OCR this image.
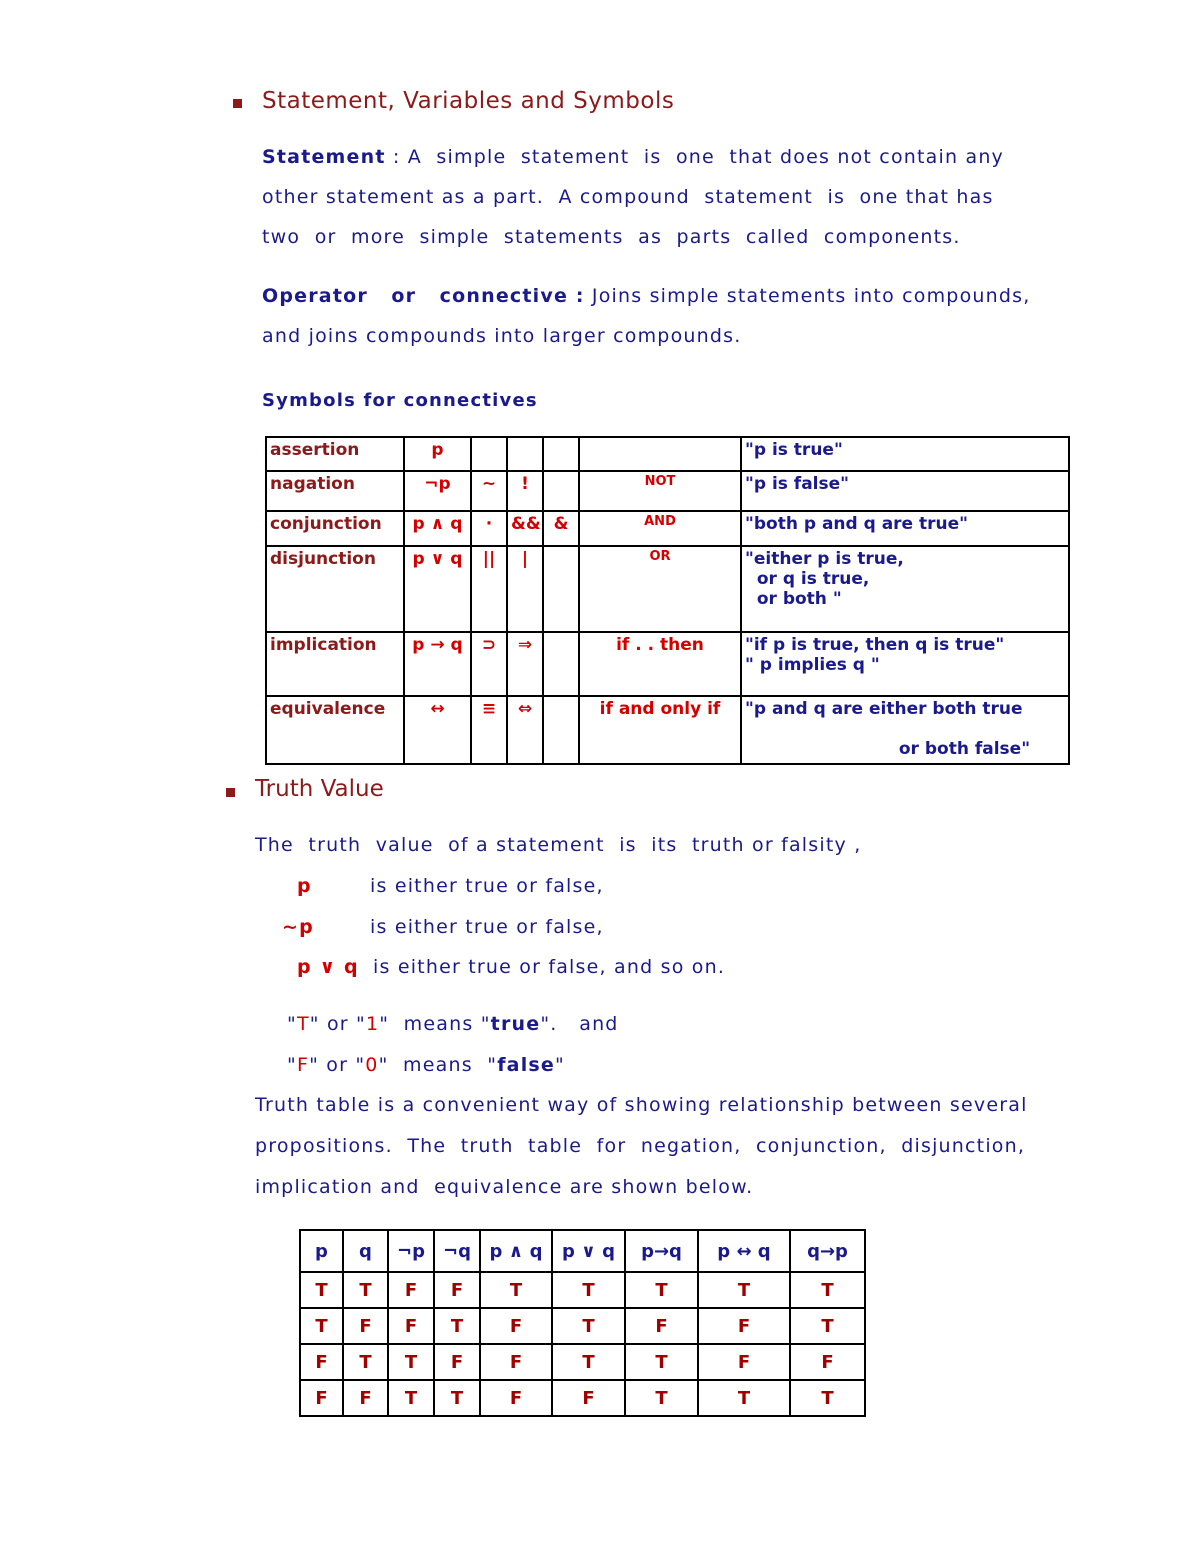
Statement, Variables and Symbols
Statement : A  simple  statement  is  one  that does not contain any
other statement as a part.  A compound  statement  is  one that has
two  or  more  simple  statements  as  parts  called  components.
Operator   or   connective : Joins simple statements into compounds,
and joins compounds into larger compounds.
Symbols for connectives
assertion	p					"p is true"
nagation	¬p	~	!		NOT	"p is false"
conjunction	p ∧ q	·	&&	&	AND	"both p and q are true"
disjunction	p ∨ q	||	|		OR	"either p is true,
or q is true,
or both "
implication	p → q	⊃	⇒		if . . then	"if p is true, then q is true"
" p implies q "
equivalence	↔	≡	⇔		if and only if	"p and q are either both true

or both false"
Truth Value
The  truth  value  of a statement  is  its  truth or falsity ,
p	is either true or false,
~p	is either true or false,
p ∨ q is either true or false, and so on.
"T" or "1"  means "true".   and
"F" or "0"  means  "false"
Truth table is a convenient way of showing relationship between several
propositions.  The  truth  table  for  negation,  conjunction,  disjunction,
implication and  equivalence are shown below.
p	q	¬p	¬q	p ∧ q	p ∨ q	p→q	p ↔ q	q→p
T	T	F	F	T	T	T	T	T
T	F	F	T	F	T	F	F	T
F	T	T	F	F	T	T	F	F
F	F	T	T	F	F	T	T	T
